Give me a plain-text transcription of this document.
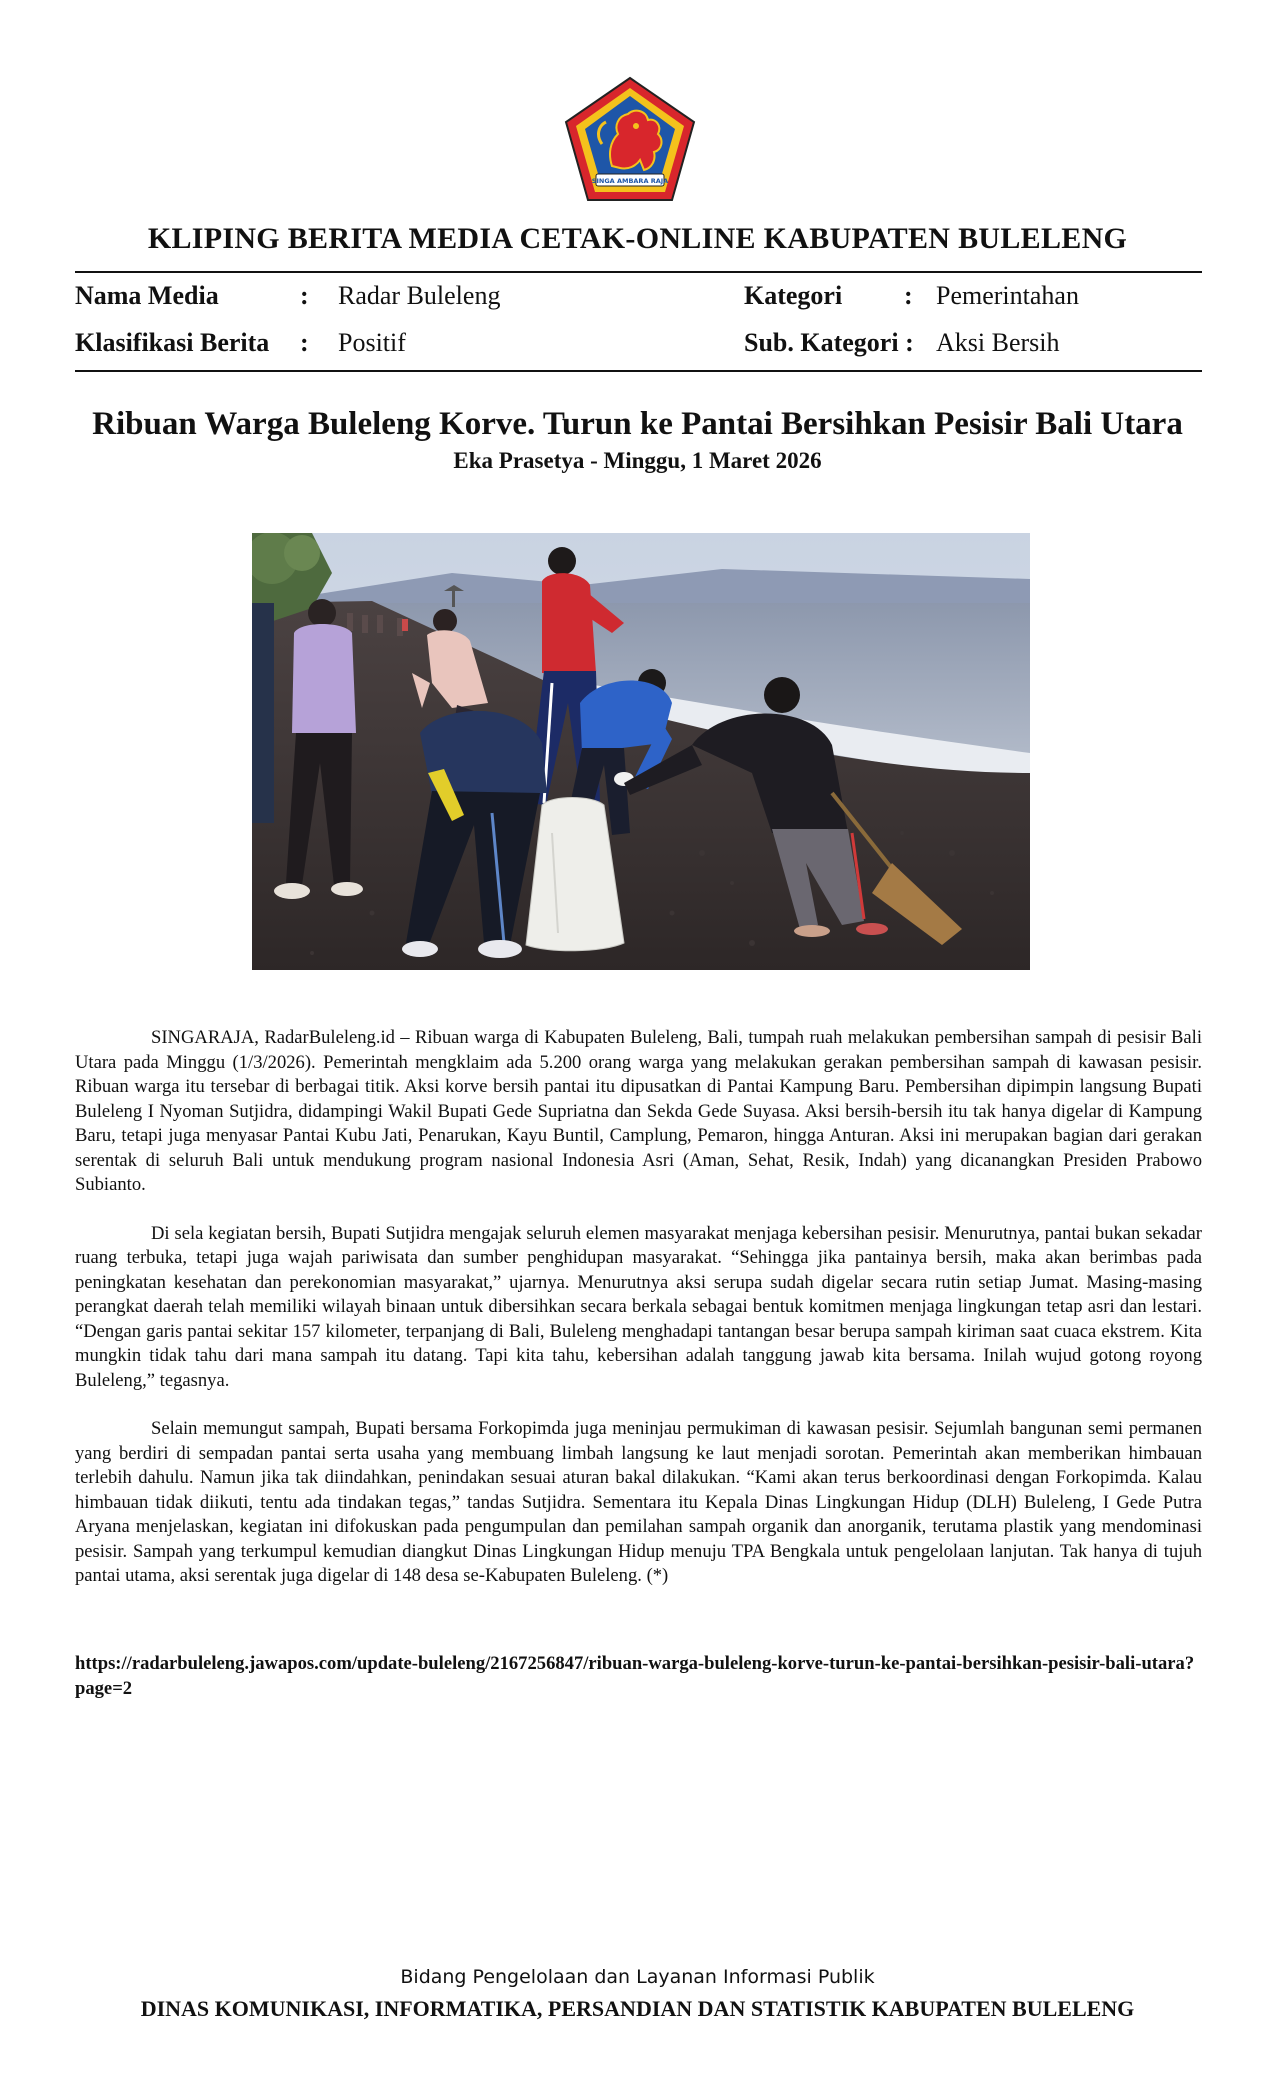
SINGA AMBARA RAJA
KLIPING BERITA MEDIA CETAK-ONLINE KABUPATEN BULELENG
Nama Media	: Radar Buleleng	Kategori : Pemerintahan
Klasifikasi Berita : Positif	Sub. Kategori : Aksi Bersih
Ribuan Warga Buleleng Korve. Turun ke Pantai Bersihkan Pesisir Bali Utara
Eka Prasetya - Minggu, 1 Maret 2026

SINGARAJA, RadarBuleleng.id – Ribuan warga di Kabupaten Buleleng, Bali, tumpah ruah melakukan pembersihan sampah di pesisir Bali Utara pada Minggu (1/3/2026). Pemerintah mengklaim ada 5.200 orang warga yang melakukan gerakan pembersihan sampah di kawasan pesisir. Ribuan warga itu tersebar di berbagai titik. Aksi korve bersih pantai itu dipusatkan di Pantai Kampung Baru. Pembersihan dipimpin langsung Bupati Buleleng I Nyoman Sutjidra, didampingi Wakil Bupati Gede Supriatna dan Sekda Gede Suyasa. Aksi bersih-bersih itu tak hanya digelar di Kampung Baru, tetapi juga menyasar Pantai Kubu Jati, Penarukan, Kayu Buntil, Camplung, Pemaron, hingga Anturan. Aksi ini merupakan bagian dari gerakan serentak di seluruh Bali untuk mendukung program nasional Indonesia Asri (Aman, Sehat, Resik, Indah) yang dicanangkan Presiden Prabowo Subianto.

Di sela kegiatan bersih, Bupati Sutjidra mengajak seluruh elemen masyarakat menjaga kebersihan pesisir. Menurutnya, pantai bukan sekadar ruang terbuka, tetapi juga wajah pariwisata dan sumber penghidupan masyarakat. “Sehingga jika pantainya bersih, maka akan berimbas pada peningkatan kesehatan dan perekonomian masyarakat,” ujarnya. Menurutnya aksi serupa sudah digelar secara rutin setiap Jumat. Masing-masing perangkat daerah telah memiliki wilayah binaan untuk dibersihkan secara berkala sebagai bentuk komitmen menjaga lingkungan tetap asri dan lestari. “Dengan garis pantai sekitar 157 kilometer, terpanjang di Bali, Buleleng menghadapi tantangan besar berupa sampah kiriman saat cuaca ekstrem. Kita mungkin tidak tahu dari mana sampah itu datang. Tapi kita tahu, kebersihan adalah tanggung jawab kita bersama. Inilah wujud gotong royong Buleleng,” tegasnya.

Selain memungut sampah, Bupati bersama Forkopimda juga meninjau permukiman di kawasan pesisir. Sejumlah bangunan semi permanen yang berdiri di sempadan pantai serta usaha yang membuang limbah langsung ke laut menjadi sorotan. Pemerintah akan memberikan himbauan terlebih dahulu. Namun jika tak diindahkan, penindakan sesuai aturan bakal dilakukan. “Kami akan terus berkoordinasi dengan Forkopimda. Kalau himbauan tidak diikuti, tentu ada tindakan tegas,” tandas Sutjidra. Sementara itu Kepala Dinas Lingkungan Hidup (DLH) Buleleng, I Gede Putra Aryana menjelaskan, kegiatan ini difokuskan pada pengumpulan dan pemilahan sampah organik dan anorganik, terutama plastik yang mendominasi pesisir. Sampah yang terkumpul kemudian diangkut Dinas Lingkungan Hidup menuju TPA Bengkala untuk pengelolaan lanjutan. Tak hanya di tujuh pantai utama, aksi serentak juga digelar di 148 desa se-Kabupaten Buleleng. (*)

https://radarbuleleng.jawapos.com/update-buleleng/2167256847/ribuan-warga-buleleng-korve-turun-ke-pantai-bersihkan-pesisir-bali-utara?page=2
Bidang Pengelolaan dan Layanan Informasi Publik
DINAS KOMUNIKASI, INFORMATIKA, PERSANDIAN DAN STATISTIK KABUPATEN BULELENG
